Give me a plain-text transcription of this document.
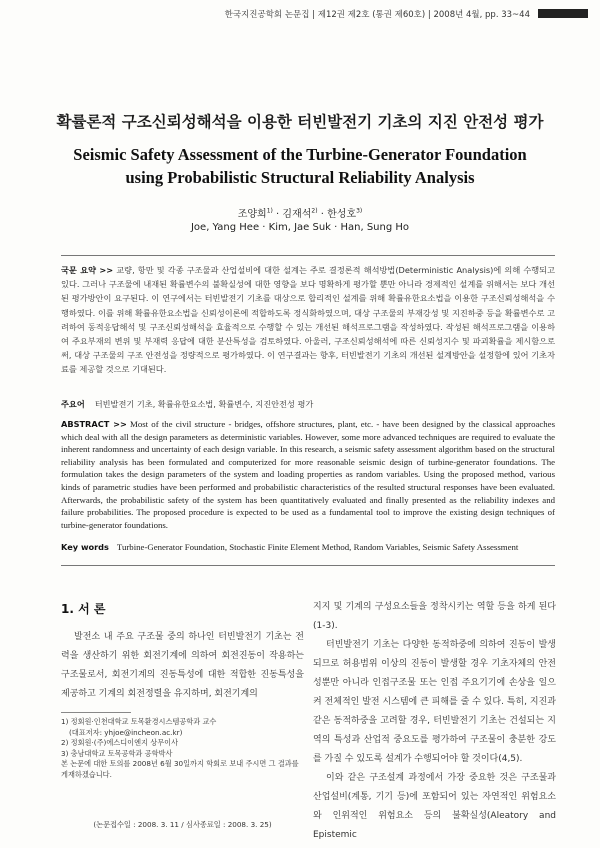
한국지진공학회 논문집 | 제12권 제2호 (통권 제60호) | 2008년 4월, pp. 33~44
확률론적 구조신뢰성해석을 이용한 터빈발전기 기초의 지진 안전성 평가
Seismic Safety Assessment of the Turbine-Generator Foundation
using Probabilistic Structural Reliability Analysis
조양희$^{1)}$ · 김재석$^{2)}$ · 한성호$^{3)}$
Joe, Yang Hee · Kim, Jae Suk · Han, Sung Ho
국문 요약 >> 교량, 항만 및 각종 구조물과 산업설비에 대한 설계는 주로 결정론적 해석방법(Deterministic Analysis)에 의해 수행되고 있다. 그러나 구조물에 내재된 확률변수의 불확실성에 대한 영향을 보다 명확하게 평가할 뿐만 아니라 경제적인 설계를 위해서는 보다 개선된 평가방안이 요구된다. 이 연구에서는 터빈발전기 기초를 대상으로 합리적인 설계를 위해 확률유한요소법을 이용한 구조신뢰성해석을 수행하였다. 이를 위해 확률유한요소법을 신뢰성이론에 적합하도록 정식화하였으며, 대상 구조물의 부재강성 및 지진하중 등을 확률변수로 고려하여 동적응답해석 및 구조신뢰성해석을 효율적으로 수행할 수 있는 개선된 해석프로그램을 작성하였다. 작성된 해석프로그램을 이용하여 주요부재의 변위 및 부재력 응답에 대한 분산특성을 검토하였다. 아울러, 구조신뢰성해석에 따른 신뢰성지수 및 파괴확률을 제시함으로써, 대상 구조물의 구조 안전성을 정량적으로 평가하였다. 이 연구결과는 향후, 터빈발전기 기초의 개선된 설계방안을 설정함에 있어 기초자료를 제공할 것으로 기대된다.
주요어 터빈발전기 기초, 확률유한요소법, 확률변수, 지진안전성 평가
ABSTRACT >> Most of the civil structure - bridges, offshore structures, plant, etc. - have been designed by the classical approaches which deal with all the design parameters as deterministic variables. However, some more advanced techniques are required to evaluate the inherent randomness and uncertainty of each design variable. In this research, a seismic safety assessment algorithm based on the structural reliability analysis has been formulated and computerized for more reasonable seismic design of turbine-generator foundations. The formulation takes the design parameters of the system and loading properties as random variables. Using the proposed method, various kinds of parametric studies have been performed and probabilistic characteristics of the resulted structural responses have been evaluated. Afterwards, the probabilistic safety of the system has been quantitatively evaluated and finally presented as the reliability indexes and failure probabilities. The proposed procedure is expected to be used as a fundamental tool to improve the existing design techniques of turbine-generator foundations.
Key words Turbine-Generator Foundation, Stochastic Finite Element Method, Random Variables, Seismic Safety Assessment
1. 서 론
발전소 내 주요 구조물 중의 하나인 터빈발전기 기초는 전력을 생산하기 위한 회전기계에 의하여 회전진동이 작용하는 구조물로서, 회전기계의 진동특성에 대한 적합한 진동특성을 제공하고 기계의 회전정렬을 유지하며, 회전기계의

1) 정회원·인천대학교 토목환경시스템공학과 교수

(대표저자: yhjoe@incheon.ac.kr)

2) 정회원·(주)에스디이엔지 상무이사

3) 충남대학교 토목공학과 공학박사

본 논문에 대한 토의를 2008년 6월 30일까지 학회로 보내 주시면 그 결과를 게재하겠습니다.

(논문접수일 : 2008. 3. 11 / 심사종료일 : 2008. 3. 25)

지지 및 기계의 구성요소들을 정착시키는 역할 등을 하게 된다(1-3).

터빈발전기 기초는 다양한 동적하중에 의하여 진동이 발생되므로 허용범위 이상의 진동이 발생할 경우 기초자체의 안전성뿐만 아니라 인접구조물 또는 인접 주요기기에 손상을 일으켜 전체적인 발전 시스템에 큰 피해를 줄 수 있다. 특히, 지진과 같은 동적하중을 고려할 경우, 터빈발전기 기초는 건설되는 지역의 특성과 산업적 중요도를 평가하여 구조물이 충분한 강도를 가질 수 있도록 설계가 수행되어야 할 것이다(4,5).

이와 같은 구조설계 과정에서 가장 중요한 것은 구조물과 산업설비(계통, 기기 등)에 포함되어 있는 자연적인 위험요소와 인위적인 위험요소 등의 불확실성(Aleatory and Epistemic
